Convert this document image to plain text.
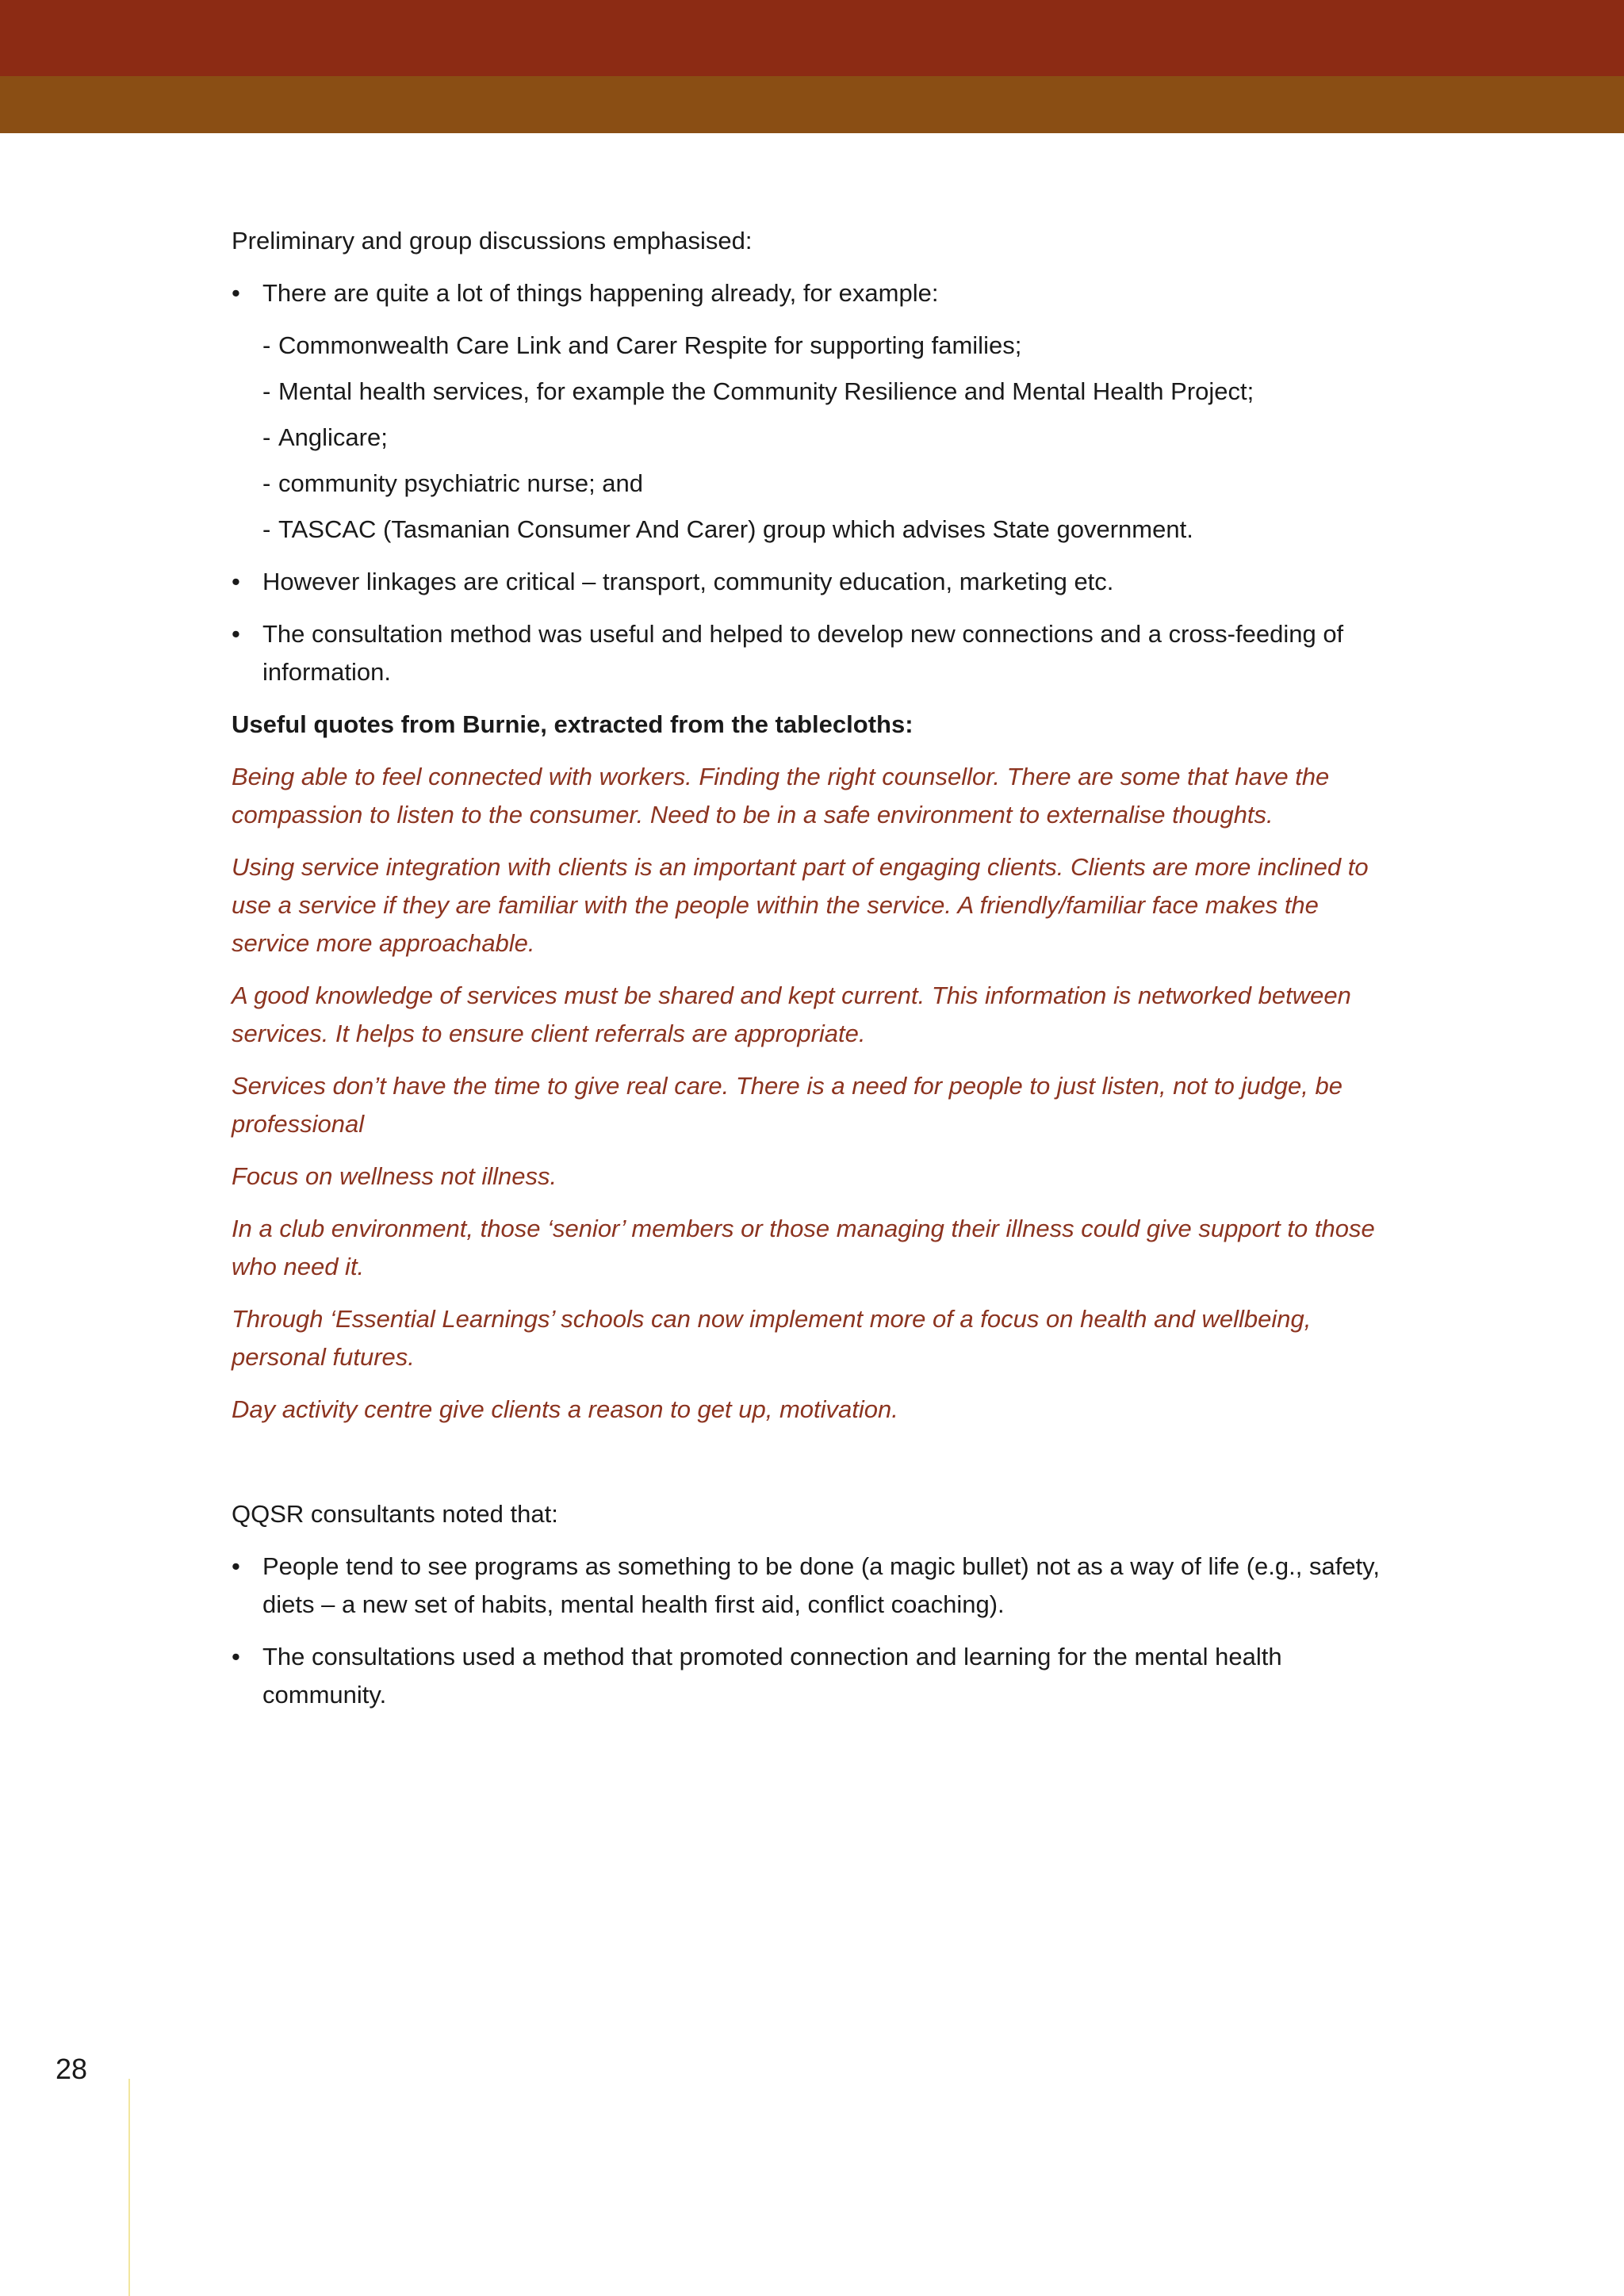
Preliminary and group discussions emphasised:

• There are quite a lot of things happening already, for example:
- Commonwealth Care Link and Carer Respite for supporting families;
- Mental health services, for example the Community Resilience and Mental Health Project;
- Anglicare;
- community psychiatric nurse; and
- TASCAC (Tasmanian Consumer And Carer) group which advises State government.
• However linkages are critical – transport, community education, marketing etc.
• The consultation method was useful and helped to develop new connections and a cross-feeding of information.

Useful quotes from Burnie, extracted from the tablecloths:

Being able to feel connected with workers. Finding the right counsellor. There are some that have the compassion to listen to the consumer. Need to be in a safe environment to externalise thoughts.

Using service integration with clients is an important part of engaging clients. Clients are more inclined to use a service if they are familiar with the people within the service. A friendly/familiar face makes the service more approachable.

A good knowledge of services must be shared and kept current. This information is networked between services. It helps to ensure client referrals are appropriate.

Services don’t have the time to give real care. There is a need for people to just listen, not to judge, be professional

Focus on wellness not illness.

In a club environment, those ‘senior’ members or those managing their illness could give support to those who need it.

Through ‘Essential Learnings’ schools can now implement more of a focus on health and wellbeing, personal futures.

Day activity centre give clients a reason to get up, motivation.

QQSR consultants noted that:

• People tend to see programs as something to be done (a magic bullet) not as a way of life (e.g., safety, diets – a new set of habits, mental health first aid, conflict coaching).
• The consultations used a method that promoted connection and learning for the mental health community.
28
